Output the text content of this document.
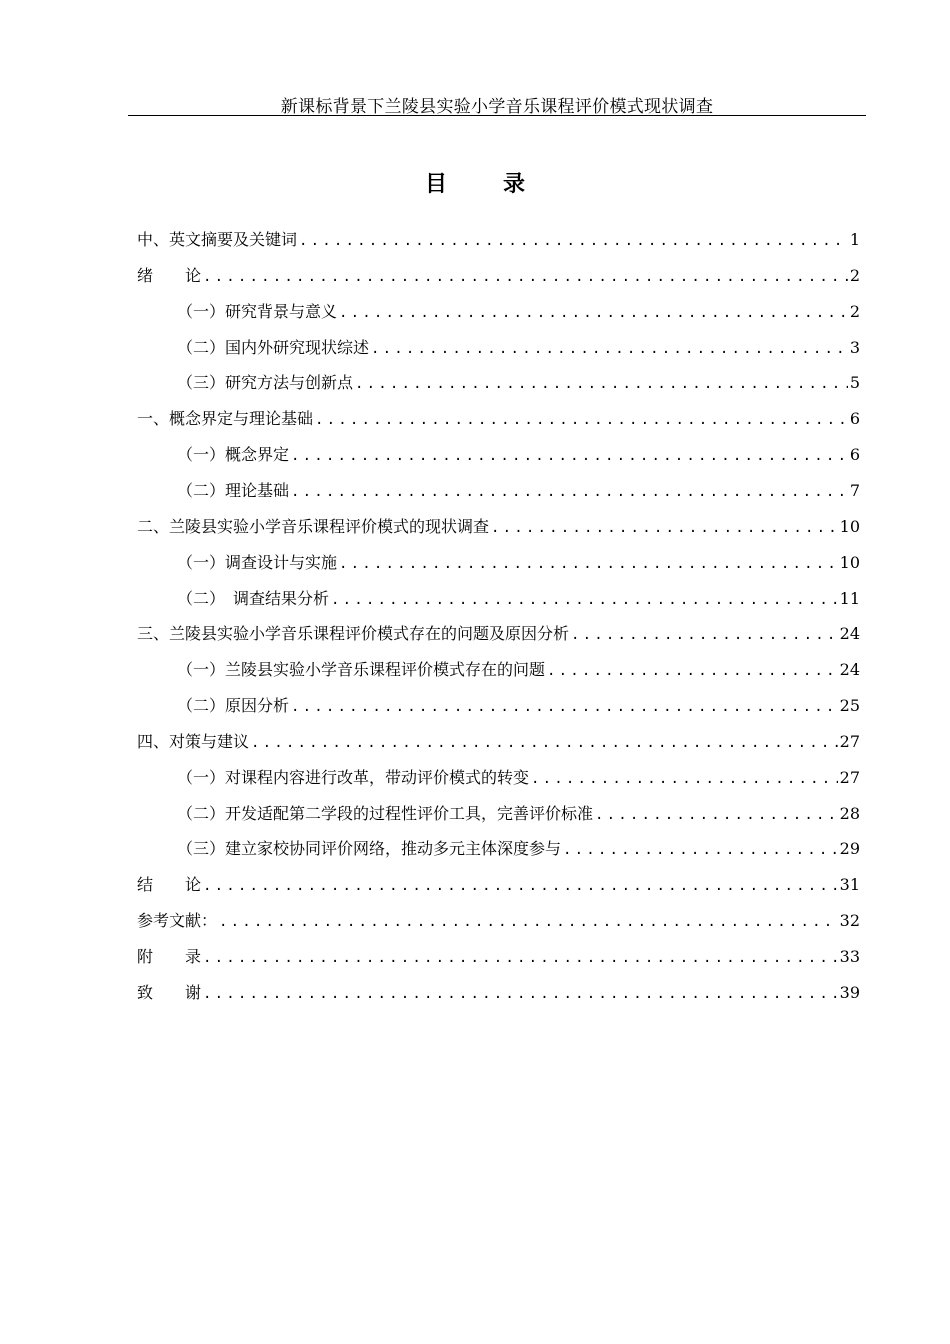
新课标背景下兰陵县实验小学音乐课程评价模式现状调查
目	录
中、英文摘要及关键词 .....	1
绪　　论 .....	2
（一）研究背景与意义 .....	2
（二）国内外研究现状综述 .....	3
（三）研究方法与创新点 .....	5
一、概念界定与理论基础 .....	6
（一）概念界定 .....	6
（二）理论基础 .....	7
二、兰陵县实验小学音乐课程评价模式的现状调查 .....	10
（一）调查设计与实施 .....	10
（二）　调查结果分析 .....	11
三、兰陵县实验小学音乐课程评价模式存在的问题及原因分析 .....	24
（一）兰陵县实验小学音乐课程评价模式存在的问题 .....	24
（二）原因分析 .....	25
四、对策与建议 .....	27
（一）对课程内容进行改革，带动评价模式的转变 .....	27
（二）开发适配第二学段的过程性评价工具，完善评价标准 .....	28
（三）建立家校协同评价网络，推动多元主体深度参与 .....	29
结　　论 .....	31
参考文献： .....	32
附　　录 .....	33
致　　谢 .....	39
